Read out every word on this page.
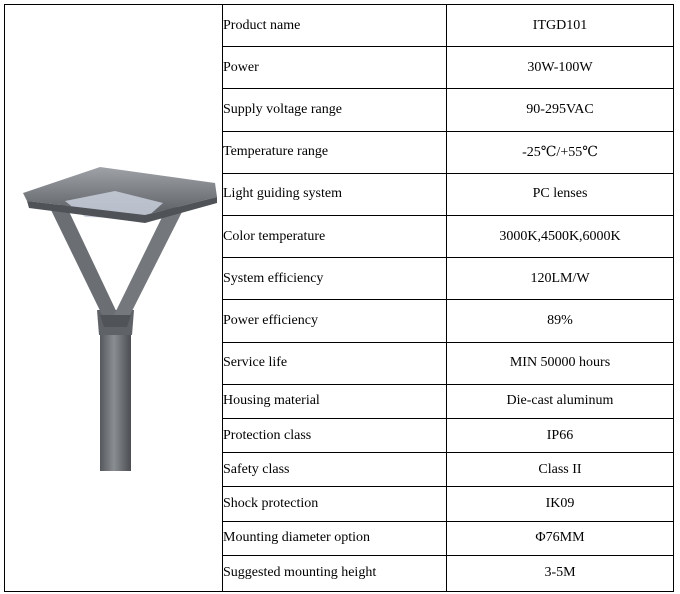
	Product name	ITGD101
	Power	30W-100W
	Supply voltage range	90-295VAC
	Temperature range	-25℃/+55℃
	Light guiding system	PC lenses
	Color temperature	3000K,4500K,6000K
	System efficiency	120LM/W
	Power efficiency	89%
	Service life	MIN 50000 hours
	Housing material	Die-cast aluminum
	Protection class	IP66
	Safety class	Class II
	Shock protection	IK09
	Mounting diameter option	Φ76MM
	Suggested mounting height	3-5M
